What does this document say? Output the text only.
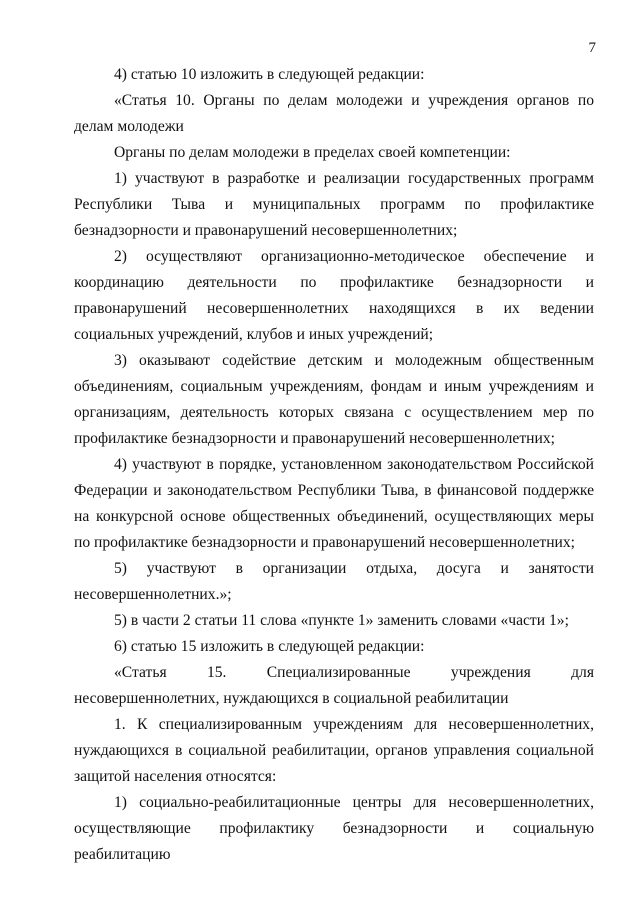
7

4) статью 10 изложить в следующей редакции:

«Статья 10. Органы по делам молодежи и учреждения органов по делам молодежи

Органы по делам молодежи в пределах своей компетенции:

1) участвуют в разработке и реализации государственных программ Республики Тыва и муниципальных программ по профилактике безнадзорности и правонарушений несовершеннолетних;

2) осуществляют организационно-методическое обеспечение и координацию деятельности по профилактике безнадзорности и правонарушений несовершеннолетних находящихся в их ведении социальных учреждений, клубов и иных учреждений;

3) оказывают содействие детским и молодежным общественным объединениям, социальным учреждениям, фондам и иным учреждениям и организациям, деятельность которых связана с осуществлением мер по профилактике безнадзорности и правонарушений несовершеннолетних;

4) участвуют в порядке, установленном законодательством Российской Федерации и законодательством Республики Тыва, в финансовой поддержке на конкурсной основе общественных объединений, осуществляющих меры по профилактике безнадзорности и правонарушений несовершеннолетних;

5) участвуют в организации отдыха, досуга и занятости несовершеннолетних.»;

5) в части 2 статьи 11 слова «пункте 1» заменить словами «части 1»;

6) статью 15 изложить в следующей редакции:

«Статья 15. Специализированные учреждения для несовершеннолетних, нуждающихся в социальной реабилитации

1. К специализированным учреждениям для несовершеннолетних, нуждающихся в социальной реабилитации, органов управления социальной защитой населения относятся:

1) социально-реабилитационные центры для несовершеннолетних, осуществляющие профилактику безнадзорности и социальную реабилитацию
